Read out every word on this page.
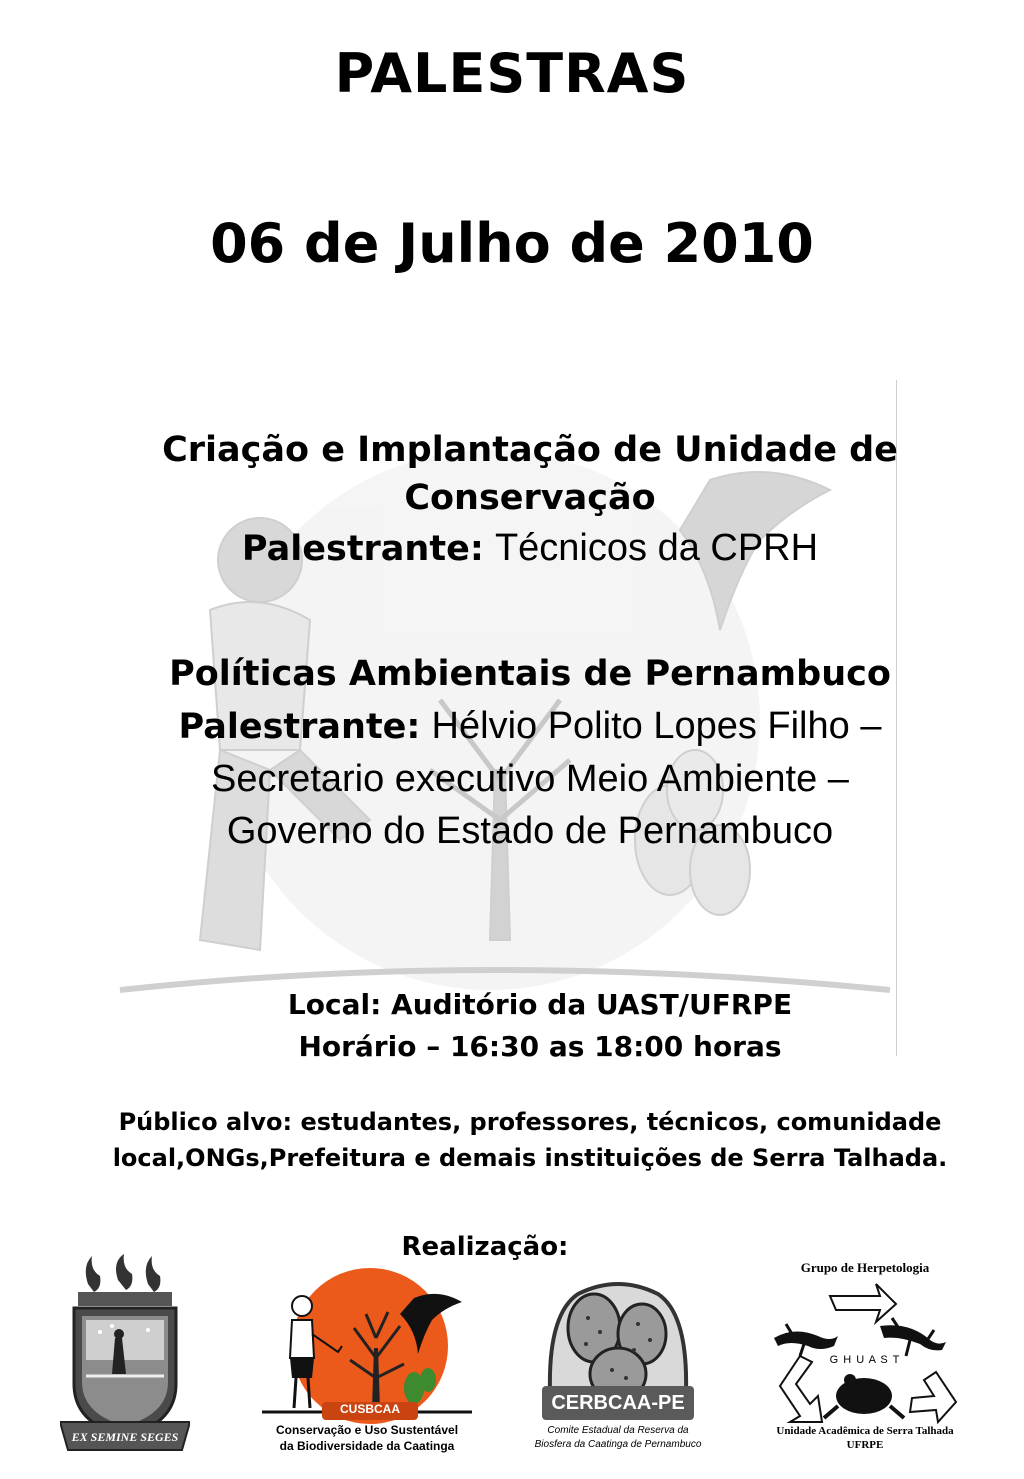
PALESTRAS
06 de Julho de 2010
Criação e Implantação de Unidade de Conservação
Palestrante: Técnicos da CPRH
Políticas Ambientais de Pernambuco
Palestrante: Hélvio Polito Lopes Filho –
Secretario executivo Meio Ambiente –
Governo do Estado de Pernambuco
Local: Auditório da UAST/UFRPE
Horário – 16:30 as 18:00 horas
Público alvo: estudantes, professores, técnicos, comunidade
local,ONGs,Prefeitura e demais instituições de Serra Talhada.
Realização:
EX SEMINE SEGES
CUSBCAA
Conservação e Uso Sustentável
da Biodiversidade da Caatinga
CERBCAA-PE
Comite Estadual da Reserva da
Biosfera da Caatinga de Pernambuco
Grupo de Herpetologia
G H U A S T
Unidade Acadêmica de Serra Talhada
UFRPE
